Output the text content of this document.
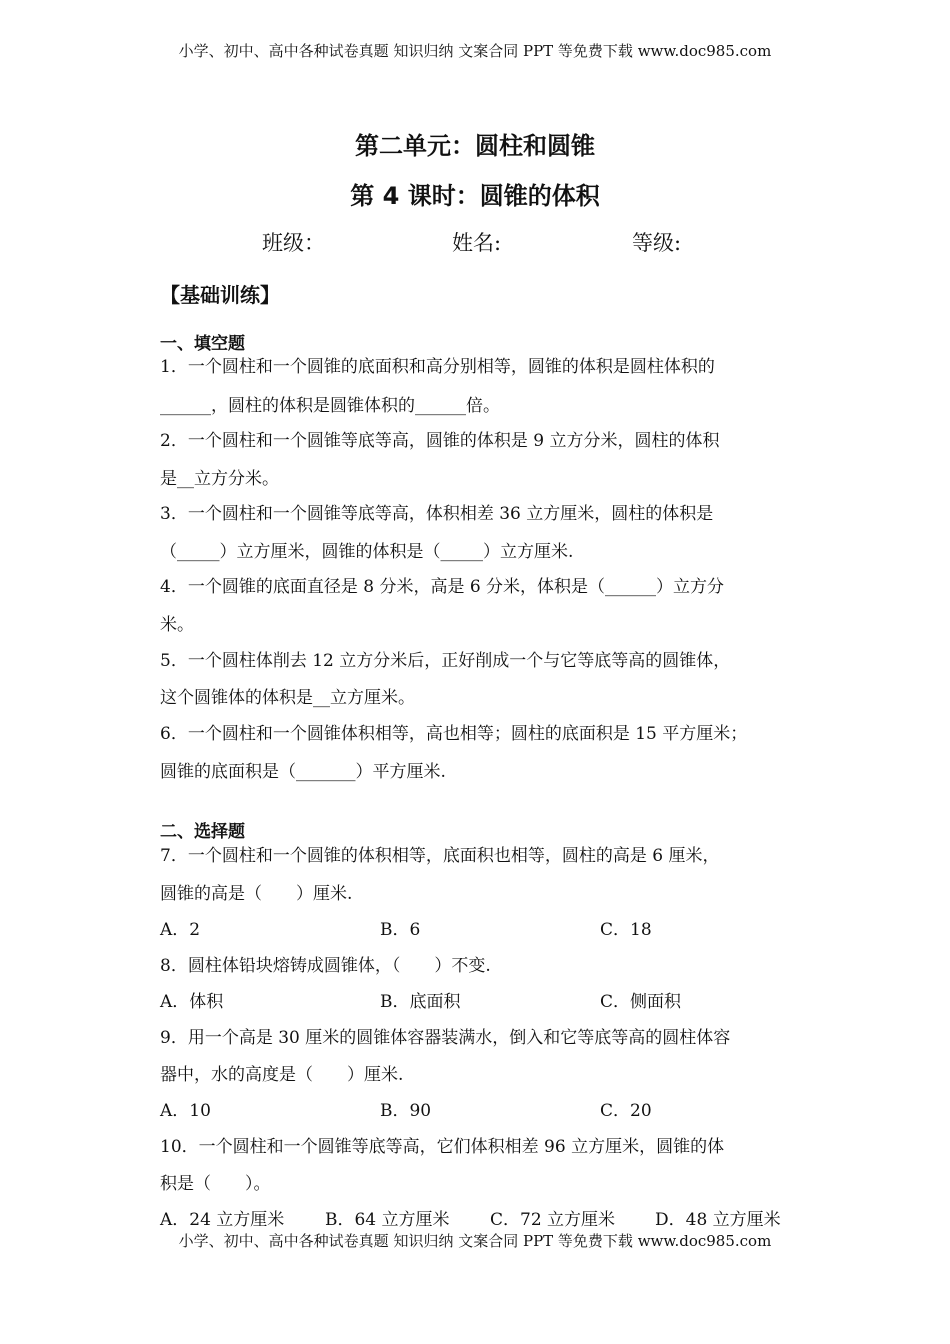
小学、初中、高中各种试卷真题 知识归纳 文案合同 PPT 等免费下载 www.doc985.com
第二单元：圆柱和圆锥
第 4 课时：圆锥的体积
班级：	姓名:	等级:
【基础训练】
一、填空题
1．一个圆柱和一个圆锥的底面积和高分别相等，圆锥的体积是圆柱体积的
______，圆柱的体积是圆锥体积的______倍。
2．一个圆柱和一个圆锥等底等高，圆锥的体积是 9 立方分米，圆柱的体积
是__立方分米。
3．一个圆柱和一个圆锥等底等高，体积相差 36 立方厘米，圆柱的体积是
（_____）立方厘米，圆锥的体积是（_____）立方厘米.
4．一个圆锥的底面直径是 8 分米，高是 6 分米，体积是（______）立方分
米。
5．一个圆柱体削去 12 立方分米后，正好削成一个与它等底等高的圆锥体，
这个圆锥体的体积是__立方厘米。
6．一个圆柱和一个圆锥体积相等，高也相等；圆柱的底面积是 15 平方厘米；
圆锥的底面积是（_______）平方厘米.
二、选择题
7．一个圆柱和一个圆锥的体积相等，底面积也相等，圆柱的高是 6 厘米，
圆锥的高是（　　）厘米.
A．2	B．6	C．18
8．圆柱体铅块熔铸成圆锥体，（　　）不变.
A．体积	B．底面积	C．侧面积
9．用一个高是 30 厘米的圆锥体容器装满水，倒入和它等底等高的圆柱体容
器中，水的高度是（　　）厘米.
A．10	B．90	C．20
10．一个圆柱和一个圆锥等底等高，它们体积相差 96 立方厘米，圆锥的体
积是（　　）。
A．24 立方厘米 B．64 立方厘米 C．72 立方厘米 D．48 立方厘米
小学、初中、高中各种试卷真题 知识归纳 文案合同 PPT 等免费下载 www.doc985.com
